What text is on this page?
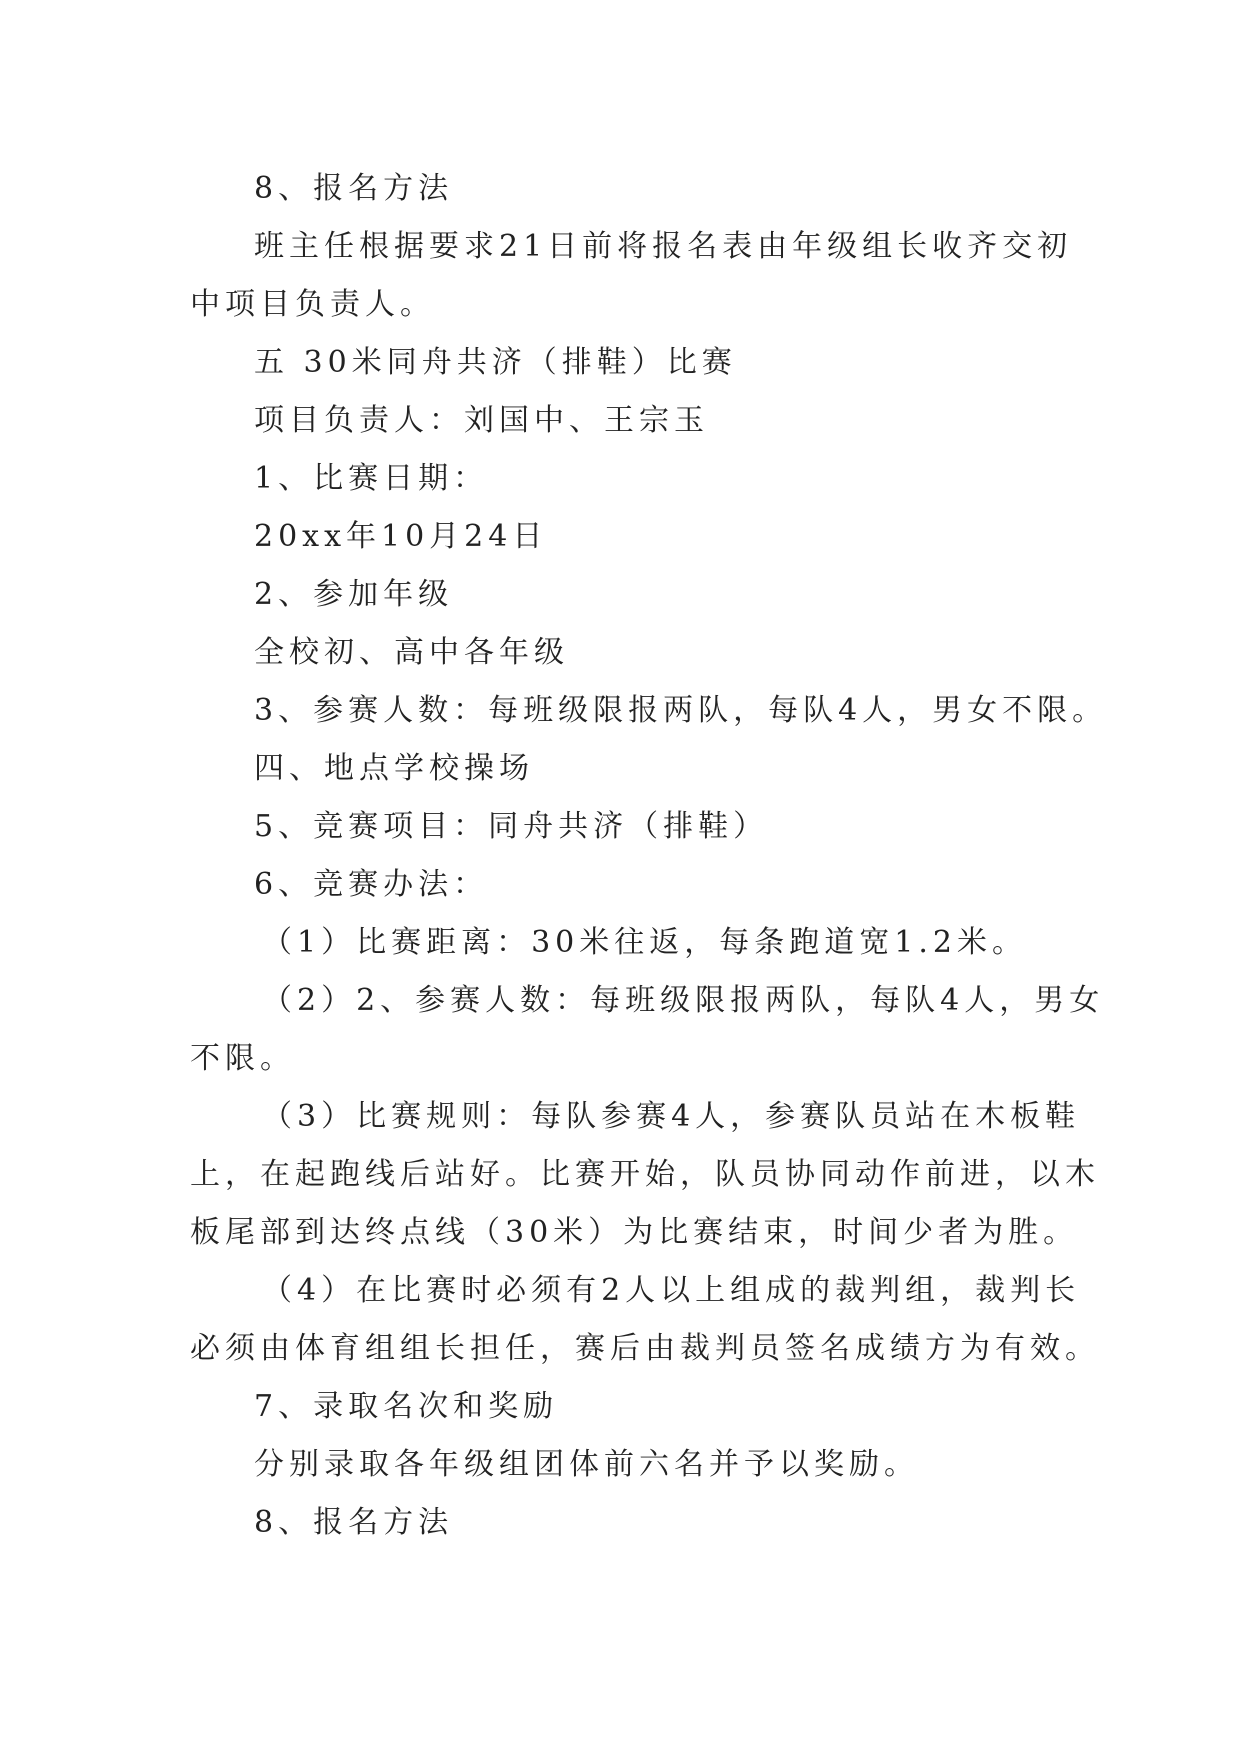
8、报名方法

班主任根据要求21日前将报名表由年级组长收齐交初

中项目负责人。

五 30米同舟共济（排鞋）比赛

项目负责人：刘国中、王宗玉

1、比赛日期：

20xx年10月24日

2、参加年级

全校初、高中各年级

3、参赛人数：每班级限报两队，每队4人，男女不限。

四、地点学校操场

5、竞赛项目：同舟共济（排鞋）

6、竞赛办法：

（1）比赛距离：30米往返，每条跑道宽1.2米。

（2）2、参赛人数：每班级限报两队，每队4人，男女

不限。

（3）比赛规则：每队参赛4人，参赛队员站在木板鞋

上，在起跑线后站好。比赛开始，队员协同动作前进，以木

板尾部到达终点线（30米）为比赛结束，时间少者为胜。

（4）在比赛时必须有2人以上组成的裁判组，裁判长

必须由体育组组长担任，赛后由裁判员签名成绩方为有效。

7、录取名次和奖励

分别录取各年级组团体前六名并予以奖励。

8、报名方法
